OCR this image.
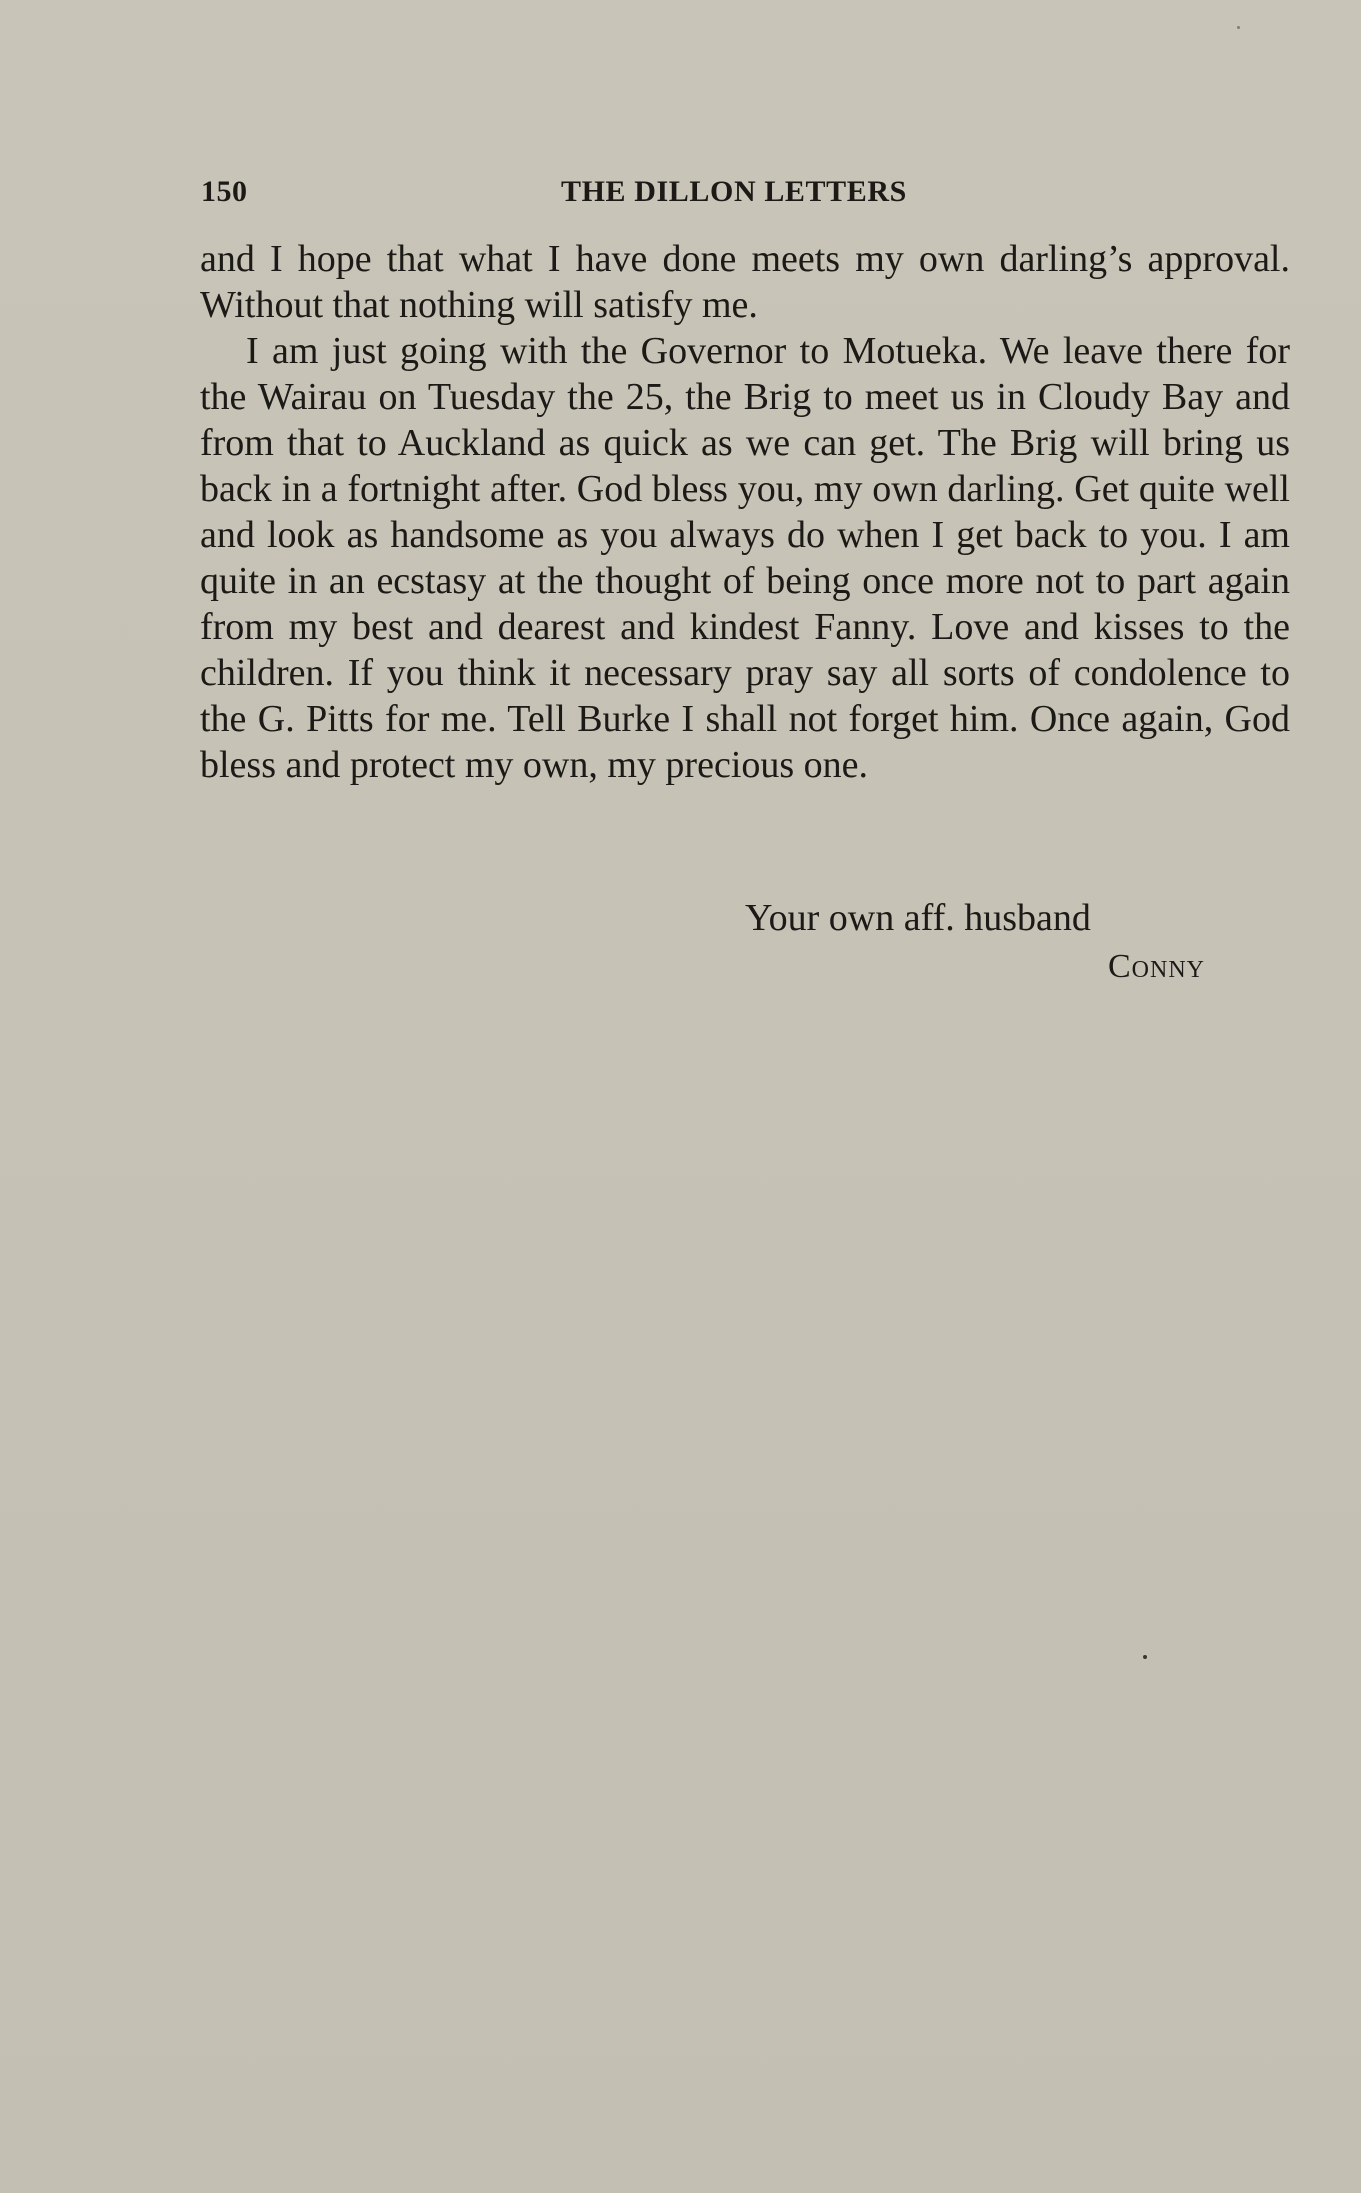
150	THE DILLON LETTERS

and I hope that what I have done meets my own darling’s approval. Without that nothing will satisfy me.

I am just going with the Governor to Motueka. We leave there for the Wairau on Tuesday the 25, the Brig to meet us in Cloudy Bay and from that to Auckland as quick as we can get. The Brig will bring us back in a fortnight after. God bless you, my own darling. Get quite well and look as handsome as you always do when I get back to you. I am quite in an ecstasy at the thought of being once more not to part again from my best and dearest and kindest Fanny. Love and kisses to the children. If you think it necessary pray say all sorts of condolence to the G. Pitts for me. Tell Burke I shall not forget him. Once again, God bless and protect my own, my precious one.

Your own aff. husband
Conny
